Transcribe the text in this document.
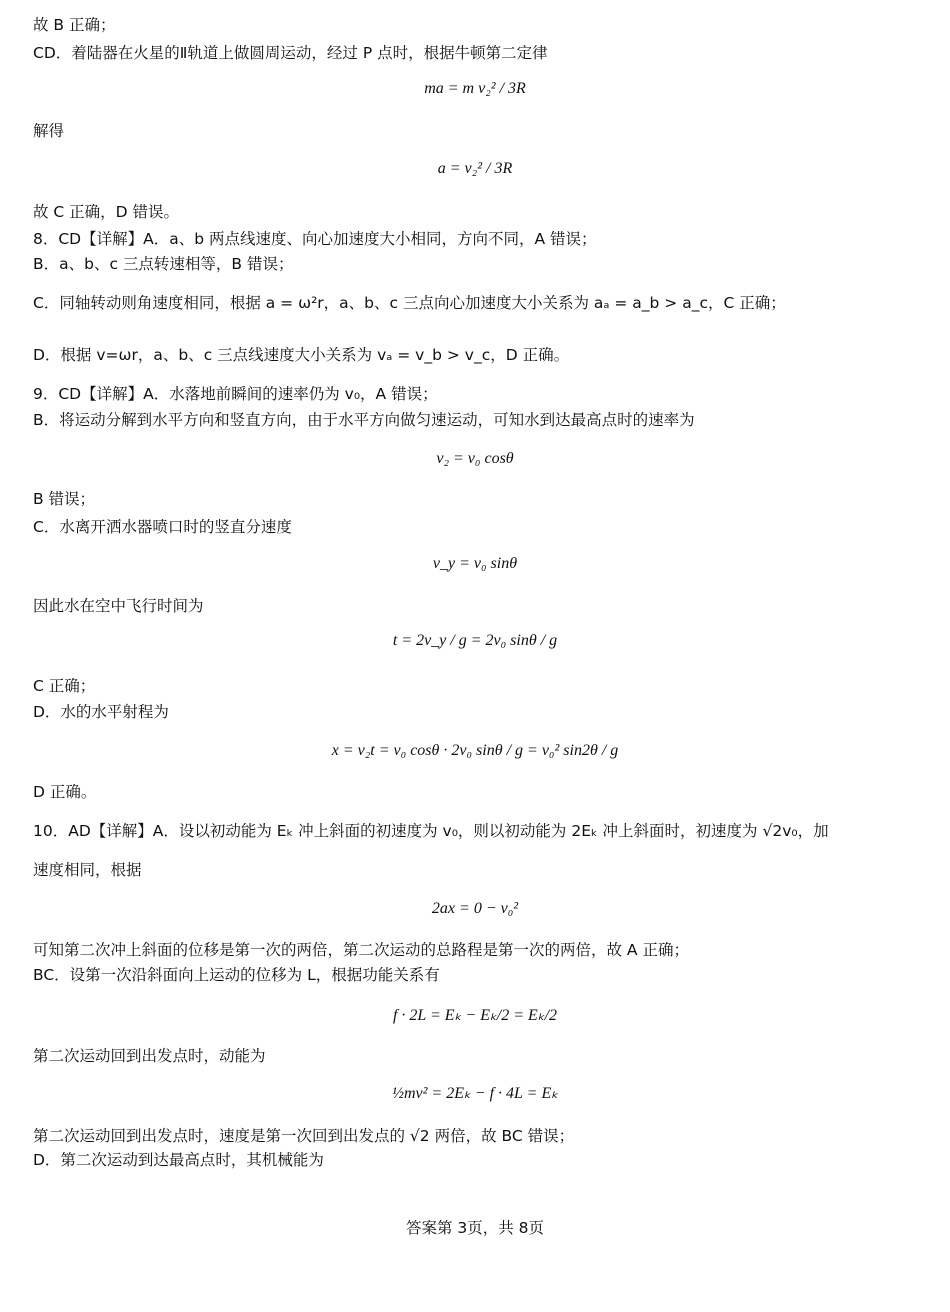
故 B 正确；
CD．着陆器在火星的Ⅱ轨道上做圆周运动，经过 P 点时，根据牛顿第二定律
ma = m v₂² / 3R
解得
a = v₂² / 3R
故 C 正确，D 错误。
8．CD【详解】A．a、b 两点线速度、向心加速度大小相同，方向不同，A 错误；
B．a、b、c 三点转速相等，B 错误；
C．同轴转动则角速度相同，根据 a = ω²r，a、b、c 三点向心加速度大小关系为 aₐ = a_b > a_c，C 正确；
D．根据 v=ωr，a、b、c 三点线速度大小关系为 vₐ = v_b > v_c，D 正确。
9．CD【详解】A．水落地前瞬间的速率仍为 v₀，A 错误；
B．将运动分解到水平方向和竖直方向，由于水平方向做匀速运动，可知水到达最高点时的速率为
v₂ = v₀ cosθ
B 错误；
C．水离开洒水器喷口时的竖直分速度
v_y = v₀ sinθ
因此水在空中飞行时间为
t = 2v_y / g = 2v₀ sinθ / g
C 正确；
D．水的水平射程为
x = v₂t = v₀ cosθ · 2v₀ sinθ / g = v₀² sin2θ / g
D 正确。
10．AD【详解】A．设以初动能为 Eₖ 冲上斜面的初速度为 v₀，则以初动能为 2Eₖ 冲上斜面时，初速度为 √2v₀，加
速度相同，根据
2ax = 0 − v₀²
可知第二次冲上斜面的位移是第一次的两倍，第二次运动的总路程是第一次的两倍，故 A 正确；
BC．设第一次沿斜面向上运动的位移为 L，根据功能关系有
f · 2L = Eₖ − Eₖ/2 = Eₖ/2
第二次运动回到出发点时，动能为
½mv² = 2Eₖ − f · 4L = Eₖ
第二次运动回到出发点时，速度是第一次回到出发点的 √2 两倍，故 BC 错误；
D．第二次运动到达最高点时，其机械能为
答案第 3页，共 8页
